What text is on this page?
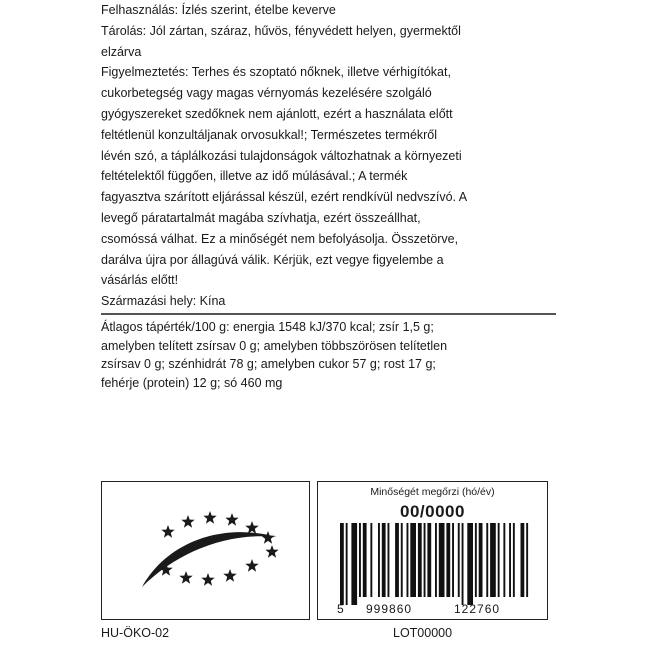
Felhasználás: Ízlés szerint, ételbe keverve
Tárolás: Jól zártan, száraz, hűvös, fényvédett helyen, gyermektől
elzárva
Figyelmeztetés: Terhes és szoptató nőknek, illetve vérhigítókat,
cukorbetegség vagy magas vérnyomás kezelésére szolgáló
gyógyszereket szedőknek nem ajánlott, ezért a használata előtt
feltétlenül konzultáljanak orvosukkal!; Természetes termékről
lévén szó, a táplálkozási tulajdonságok változhatnak a környezeti
feltételektől függően, illetve az idő múlásával.; A termék
fagyasztva szárított eljárással készül, ezért rendkívül nedvszívó. A
levegő páratartalmát magába szívhatja, ezért összeállhat,
csomóssá válhat. Ez a minőségét nem befolyásolja. Összetörve,
darálva újra por állagúvá válik. Kérjük, ezt vegye figyelembe a
vásárlás előtt!
Származási hely: Kína
Átlagos tápérték/100 g: energia 1548 kJ/370 kcal; zsír 1,5 g;
amelyben telített zsírsav 0 g; amelyben többszörösen telítetlen
zsírsav 0 g; szénhidrát 78 g; amelyben cukor 57 g; rost 17 g;
fehérje (protein) 12 g; só 460 mg
Minőségét megőrzi (hó/év)
00/0000
5 999860	122760
HU-ÖKO-02	LOT00000
